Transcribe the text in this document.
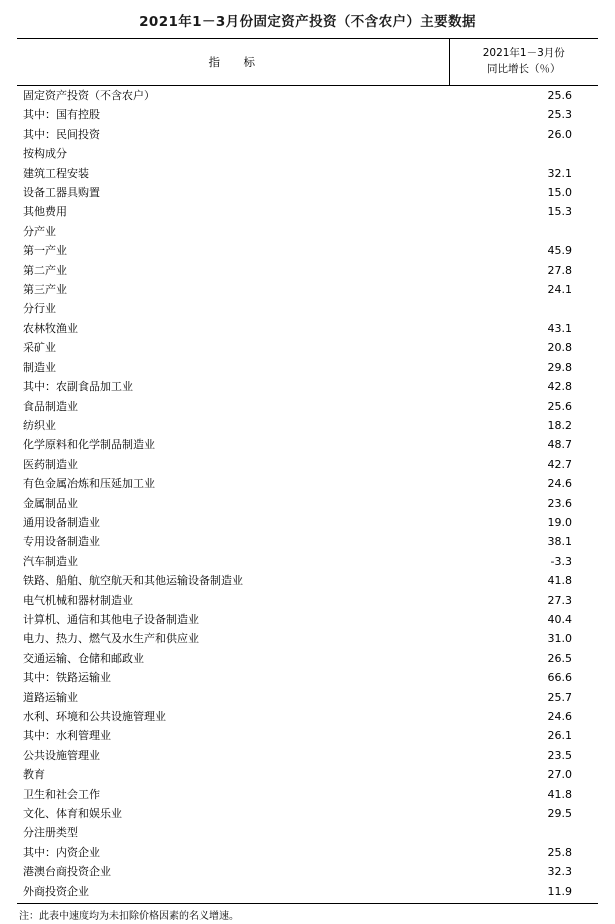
2021年1－3月份固定资产投资（不含农户）主要数据

指　标	2021年1－3月份
同比增长（％）
固定资产投资（不含农户）	25.6
其中：国有控股	25.3
其中：民间投资	26.0
按构成分	
建筑工程安装	32.1
设备工器具购置	15.0
其他费用	15.3
分产业	
第一产业	45.9
第二产业	27.8
第三产业	24.1
分行业	
农林牧渔业	43.1
采矿业	20.8
制造业	29.8
其中：农副食品加工业	42.8
食品制造业	25.6
纺织业	18.2
化学原料和化学制品制造业	48.7
医药制造业	42.7
有色金属冶炼和压延加工业	24.6
金属制品业	23.6
通用设备制造业	19.0
专用设备制造业	38.1
汽车制造业	-3.3
铁路、船舶、航空航天和其他运输设备制造业	41.8
电气机械和器材制造业	27.3
计算机、通信和其他电子设备制造业	40.4
电力、热力、燃气及水生产和供应业	31.0
交通运输、仓储和邮政业	26.5
其中：铁路运输业	66.6
道路运输业	25.7
水利、环境和公共设施管理业	24.6
其中：水利管理业	26.1
公共设施管理业	23.5
教育	27.0
卫生和社会工作	41.8
文化、体育和娱乐业	29.5
分注册类型	
其中：内资企业	25.8
港澳台商投资企业	32.3
外商投资企业	11.9
注：此表中速度均为未扣除价格因素的名义增速。
